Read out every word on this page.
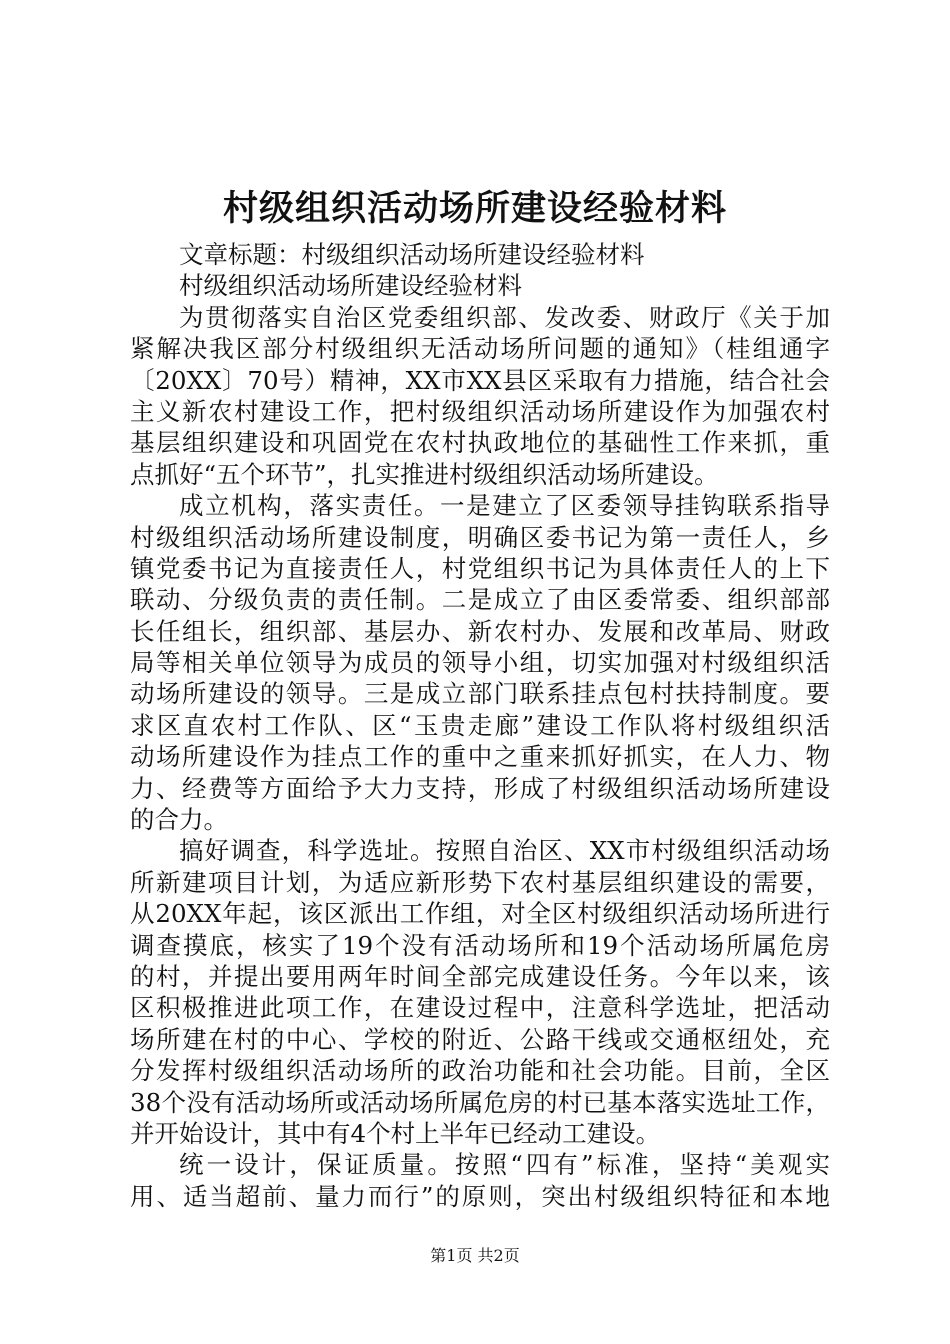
村级组织活动场所建设经验材料

文章标题：村级组织活动场所建设经验材料

村级组织活动场所建设经验材料

为贯彻落实自治区党委组织部、发改委、财政厅《关于加

紧解决我区部分村级组织无活动场所问题的通知》（桂组通字

〔20XX〕70号）精神，XX市XX县区采取有力措施，结合社会

主义新农村建设工作，把村级组织活动场所建设作为加强农村

基层组织建设和巩固党在农村执政地位的基础性工作来抓，重

点抓好“五个环节”，扎实推进村级组织活动场所建设。

成立机构，落实责任。一是建立了区委领导挂钩联系指导

村级组织活动场所建设制度，明确区委书记为第一责任人，乡

镇党委书记为直接责任人，村党组织书记为具体责任人的上下

联动、分级负责的责任制。二是成立了由区委常委、组织部部

长任组长，组织部、基层办、新农村办、发展和改革局、财政

局等相关单位领导为成员的领导小组，切实加强对村级组织活

动场所建设的领导。三是成立部门联系挂点包村扶持制度。要

求区直农村工作队、区“玉贵走廊”建设工作队将村级组织活

动场所建设作为挂点工作的重中之重来抓好抓实，在人力、物

力、经费等方面给予大力支持，形成了村级组织活动场所建设

的合力。

搞好调查，科学选址。按照自治区、XX市村级组织活动场

所新建项目计划，为适应新形势下农村基层组织建设的需要，

从20XX年起，该区派出工作组，对全区村级组织活动场所进行

调查摸底，核实了19个没有活动场所和19个活动场所属危房

的村，并提出要用两年时间全部完成建设任务。今年以来，该

区积极推进此项工作，在建设过程中，注意科学选址，把活动

场所建在村的中心、学校的附近、公路干线或交通枢纽处，充

分发挥村级组织活动场所的政治功能和社会功能。目前，全区

38个没有活动场所或活动场所属危房的村已基本落实选址工作，

并开始设计，其中有4个村上半年已经动工建设。

统一设计，保证质量。按照“四有”标准，坚持“美观实

用、适当超前、量力而行”的原则，突出村级组织特征和本地

第1页 共2页
